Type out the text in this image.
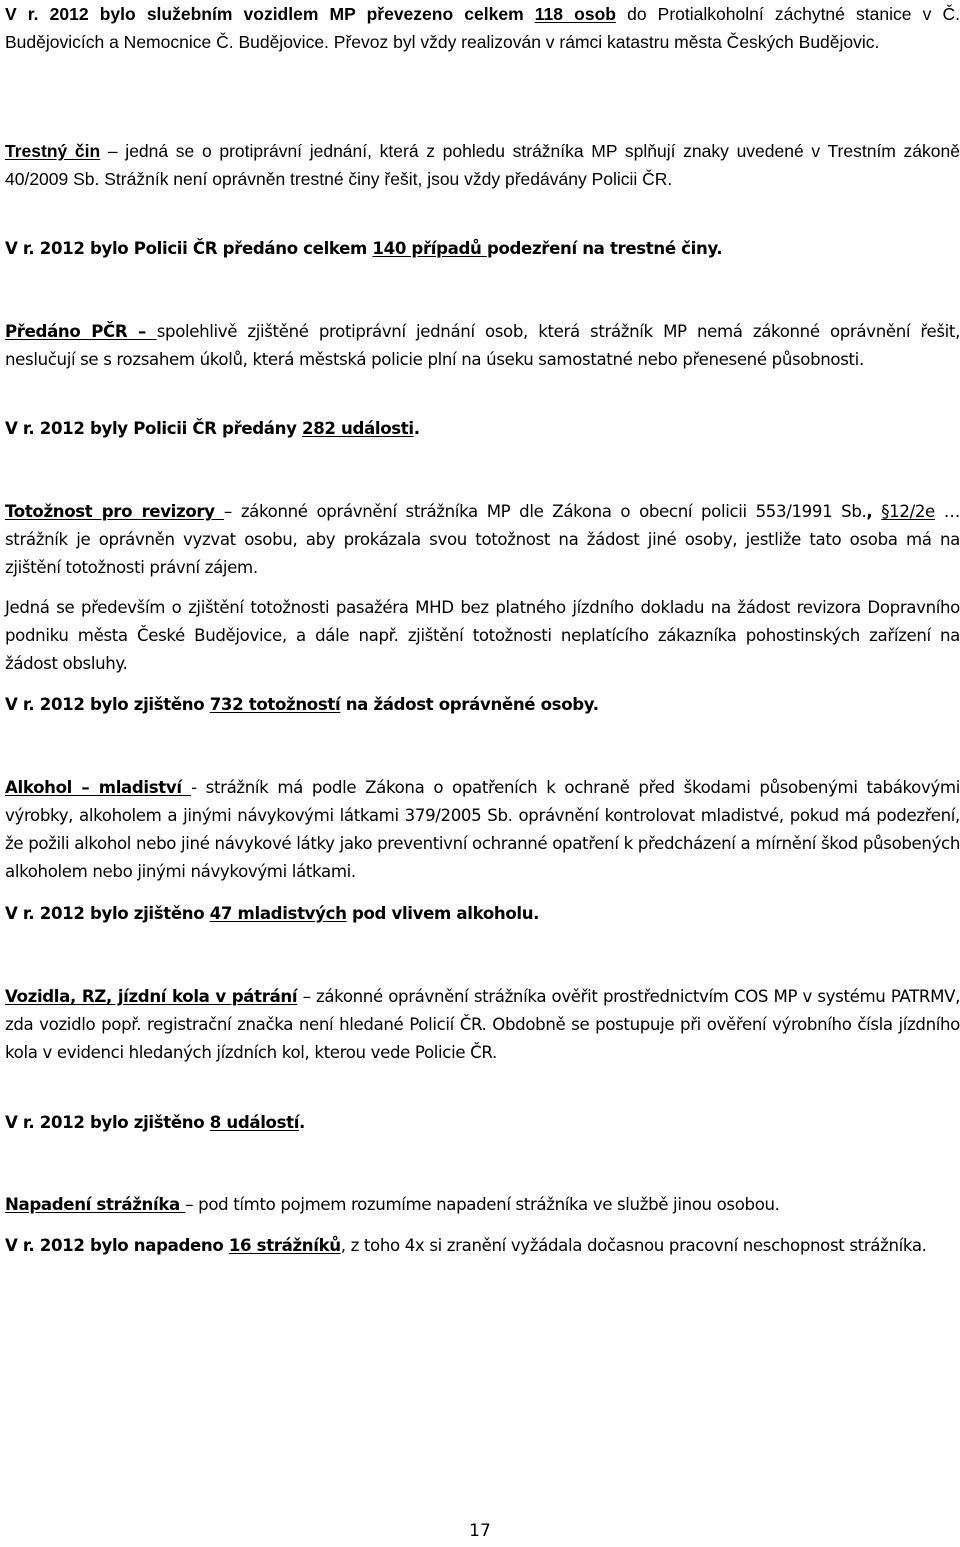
V r. 2012 bylo služebním vozidlem MP převezeno celkem 118 osob do Protialkoholní záchytné stanice v Č. Budějovicích a Nemocnice Č. Budějovice. Převoz byl vždy realizován v rámci katastru města Českých Budějovic.

Trestný čin – jedná se o protiprávní jednání, která z pohledu strážníka MP splňují znaky uvedené v Trestním zákoně 40/2009 Sb. Strážník není oprávněn trestné činy řešit, jsou vždy předávány Policii ČR.

V r. 2012 bylo Policii ČR předáno celkem 140 případů podezření na trestné činy.

Předáno PČR – spolehlivě zjištěné protiprávní jednání osob, která strážník MP nemá zákonné oprávnění řešit, neslučují se s rozsahem úkolů, která městská policie plní na úseku samostatné nebo přenesené působnosti.

V r. 2012 byly Policii ČR předány 282 události.

Totožnost pro revizory – zákonné oprávnění strážníka MP dle Zákona o obecní policii 553/1991 Sb., §12/2e … strážník je oprávněn vyzvat osobu, aby prokázala svou totožnost na žádost jiné osoby, jestliže tato osoba má na zjištění totožnosti právní zájem.

Jedná se především o zjištění totožnosti pasažéra MHD bez platného jízdního dokladu na žádost revizora Dopravního podniku města České Budějovice, a dále např. zjištění totožnosti neplatícího zákazníka pohostinských zařízení na žádost obsluhy.

V r. 2012 bylo zjištěno 732 totožností na žádost oprávněné osoby.

Alkohol – mladiství - strážník má podle Zákona o opatřeních k ochraně před škodami působenými tabákovými výrobky, alkoholem a jinými návykovými látkami 379/2005 Sb. oprávnění kontrolovat mladistvé, pokud má podezření, že požili alkohol nebo jiné návykové látky jako preventivní ochranné opatření k předcházení a mírnění škod působených alkoholem nebo jinými návykovými látkami.

V r. 2012 bylo zjištěno 47 mladistvých pod vlivem alkoholu.

Vozidla, RZ, jízdní kola v pátrání – zákonné oprávnění strážníka ověřit prostřednictvím COS MP v systému PATRMV, zda vozidlo popř. registrační značka není hledané Policií ČR. Obdobně se postupuje při ověření výrobního čísla jízdního kola v evidenci hledaných jízdních kol, kterou vede Policie ČR.

V r. 2012 bylo zjištěno 8 událostí.

Napadení strážníka – pod tímto pojmem rozumíme napadení strážníka ve službě jinou osobou.

V r. 2012 bylo napadeno 16 strážníků, z toho 4x si zranění vyžádala dočasnou pracovní neschopnost strážníka.

17
